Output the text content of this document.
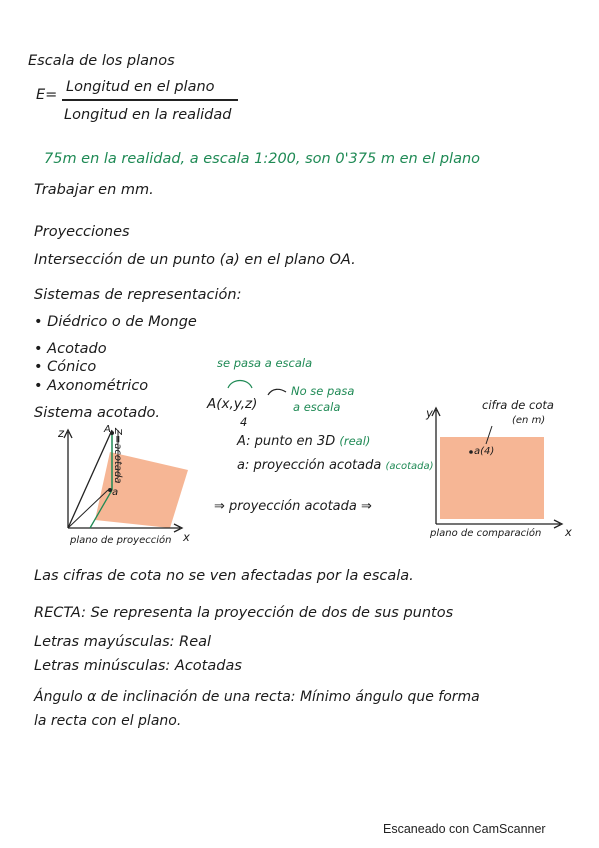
Escala de los planos
E= Longitud en el plano
Longitud en la realidad
75m en la realidad, a escala 1:200, son 0'375 m en el plano
Trabajar en mm.
Proyecciones
Intersección de un punto (a) en el plano OA.
Sistemas de representación:
• Diédrico o de Monge
• Acotado
• Cónico
• Axonométrico
Sistema acotado.
z
x
A
a
Z=acotada
plano de proyección
se pasa a escala
A(x,y,z)
No se pasa
a escala
4
A: punto en 3D (real)
a: proyección acotada (acotada)
⇒ proyección acotada ⇒
y
x
cifra de cota
(en m)
a(4)
plano de comparación
Las cifras de cota no se ven afectadas por la escala.
RECTA: Se representa la proyección de dos de sus puntos
Letras mayúsculas: Real
Letras minúsculas: Acotadas
Ángulo α de inclinación de una recta: Mínimo ángulo que forma
la recta con el plano.
Escaneado con CamScanner
